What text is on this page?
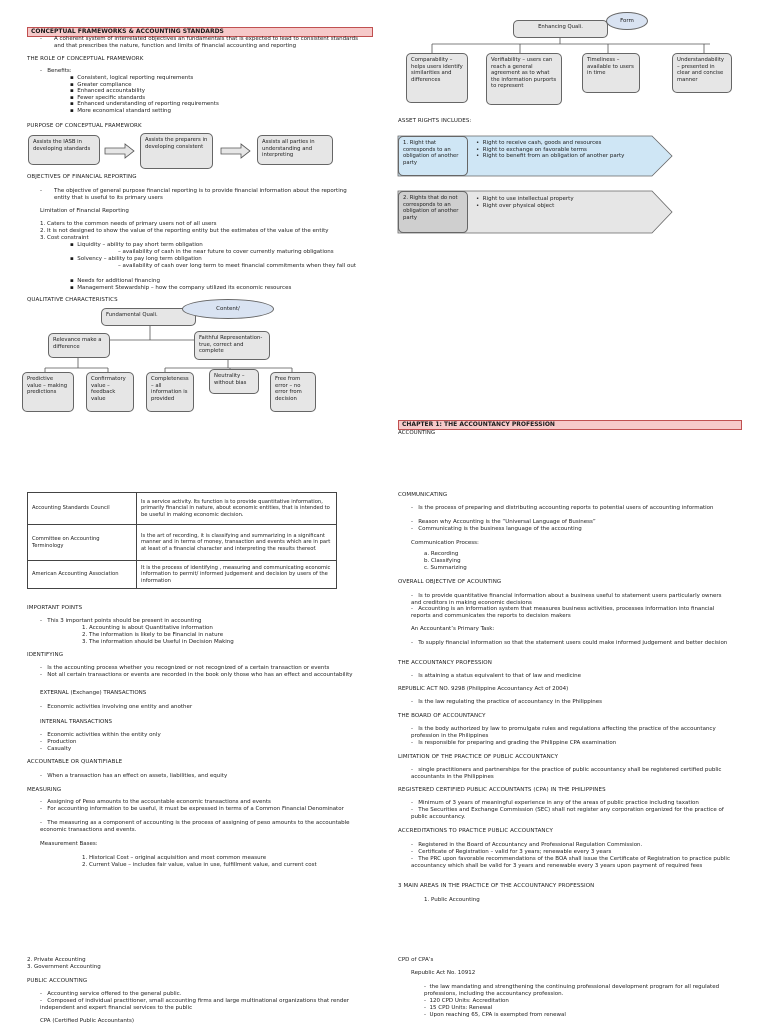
CONCEPTUAL FRAMEWORKS & ACCOUNTING STANDARDS
- A coherent system of interrelated objectives an fundamentals that is expected to lead to consistent standards and that prescribes the nature, function and limits of financial accounting and reporting
THE ROLE OF CONCEPTUAL FRAMEWORK
-   Benefits:
▪  Consistent, logical reporting requirements
▪  Greater compliance
▪  Enhanced accountability
▪  Fewer specific standards
▪  Enhanced understanding of reporting requirements
▪  More economical standard setting
PURPOSE OF CONCEPTUAL FRAMEWORK
Assists the IASB in developing standards
Assists the preparers in developing consistent
Assists all parties in understanding and interpreting
OBJECTIVES OF FINANCIAL REPORTING
- The objective of general purpose financial reporting is to provide financial information about the reporting entity that is useful to its primary users
Limitation of Financial Reporting
1. Caters to the common needs of primary users not of all users
2. It is not designed to show the value of the reporting entity but the estimates of the value of the entity
3. Cost constraint
▪  Liquidity – ability to pay short term obligation
– availability of cash in the near future to cover currently maturing obligations
▪  Solvency – ability to pay long term obligation
– availability of cash over long term to meet financial commitments when they fall out
▪  Needs for additional financing
▪  Management Stewardship – how the company utilized its economic resources
QUALITATIVE CHARACTERISTICS
Fundamental Quali.
Content/
Relevance make a difference
Faithful Representation- true, correct and complete
Predictive value – making predictions
Confirmatory value – feedback value
Completeness – all information is provided
Neutrality – without bias
Free from error – no error from decision
Accounting Standards Council	Is a service activity. Its function is to provide quantitative information, primarily financial in nature, about economic entities, that is intended to be useful in making economic decision.
Committee on Accounting Terminology	Is the art of recording, it is classifying and summarizing in a significant manner and in terms of money, transaction and events which are in part at least of a financial character and interpreting the results thereof.
American Accounting Association	It is the process of identifying , measuring and communicating economic information to permit/ informed judgement and decision by users of the information
IMPORTANT POINTS
-   This 3 important points should be present in accounting
1. Accounting is about Quantitative information
2. The information is likely to be Financial in nature
3. The information should be Useful in Decision Making
IDENTIFYING
-   Is the accounting process whether you recognized or not recognized of a certain transaction or events
-   Not all certain transactions or events are recorded in the book only those who has an effect and accountability
EXTERNAL (Exchange) TRANSACTIONS
-   Economic activities involving one entity and another
INTERNAL TRANSACTIONS
-   Economic activities within the entity only
-   Production
-   Casualty
ACCOUNTABLE OR QUANTIFIABLE
-   When a transaction has an effect on assets, liabilities, and equity
MEASURING
-   Assigning of Peso amounts to the accountable economic transactions and events
-   For accounting information to be useful, it must be expressed in terms of a Common Financial Denominator
-   The measuring as a component of accounting is the process of assigning of peso amounts to the accountable economic transactions and events.
Measurement Bases:
1. Historical Cost – original acquisition and most common measure
2. Current Value – includes fair value, value in use, fulfillment value, and current cost
2. Private Accounting
3. Government Accounting
PUBLIC ACCOUNTING
-   Accounting service offered to the general public.
-   Composed of individual practitioner, small accounting firms and large multinational organizations that render independent and expert financial services to the public
CPA (Certified Public Accountants)
Enhancing Quali.
Form
Comparability – helps users identify similarities and differences
Verifiability – users can reach a general agreement as to what the information purports to represent
Timeliness – available to users in time
Understandability – presented in clear and concise manner
ASSET RIGHTS INCLUDES:
1. Right that corresponds to an obligation of another party
•  Right to receive cash, goods and resources
•  Right to exchange on favorable terms
•  Right to benefit from an obligation of another party
2. Rights that do not corresponds to an obligation of another party
•  Right to use intellectual property
•  Right over physical object
CHAPTER 1: THE ACCOUNTANCY PROFESSION
ACCOUNTING
COMMUNICATING
-   Is the process of preparing and distributing accounting reports to potential users of accounting information
-   Reason why Accounting is the “Universal Language of Business”
-   Communicating is the business language of the accounting
Communication Process:
a. Recording
b. Classifying
c. Summarizing
OVERALL OBJECTIVE OF ACOUNTING
-   Is to provide quantitative financial information about a business useful to statement users particularly owners and creditors in making economic decisions
-   Accounting is an information system that measures business activities, processes information into financial reports and communicates the reports to decision makers
An Accountant’s Primary Task:
-   To supply financial information so that the statement users could make informed judgement and better decision
THE ACCOUNTANCY PROFESSION
-   Is attaining a status equivalent to that of law and medicine
REPUBLIC ACT NO. 9298 (Philippine Accountancy Act of 2004)
-   Is the law regulating the practice of accountancy in the Philippines
THE BOARD OF ACCOUNTANCY
-   Is the body authorized by law to promulgate rules and regulations affecting the practice of the accountancy profession in the Philippines
-   Is responsible for preparing and grading the Philippine CPA examination
LIMITATION OF THE PRACTICE OF PUBLIC ACCOUNTANCY
-   single practitioners and partnerships for the practice of public accountancy shall be registered certified public accountants in the Philippines
REGISTERED CERTIFIED PUBLIC ACCOUNTANTS (CPA) IN THE PHILIPPINES
-   Minimum of 3 years of meaningful experience in any of the areas of public practice including taxation
-   The Securities and Exchange Commission (SEC) shall not register any corporation organized for the practice of public accountancy.
ACCREDITATIONS TO PRACTICE PUBLIC ACCOUNTANCY
-   Registered in the Board of Accountancy and Professional Regulation Commission.
-   Certificate of Registration – valid for 3 years; renewable every 3 years
-   The PRC upon favorable recommendations of the BOA shall issue the Certificate of Registration to practice public accountancy which shall be valid for 3 years and renewable every 3 years upon payment of required fees
3 MAIN AREAS IN THE PRACTICE OF THE ACCOUNTANCY PROFESSION
1. Public Accounting
CPD of CPA’s
Republic Act No. 10912
-  the law mandating and strengthening the continuing professional development program for all regulated professions, including the accountancy profession.
-  120 CPD Units: Accreditation
-  15 CPD Units: Renewal
-  Upon reaching 65, CPA is exempted from renewal
